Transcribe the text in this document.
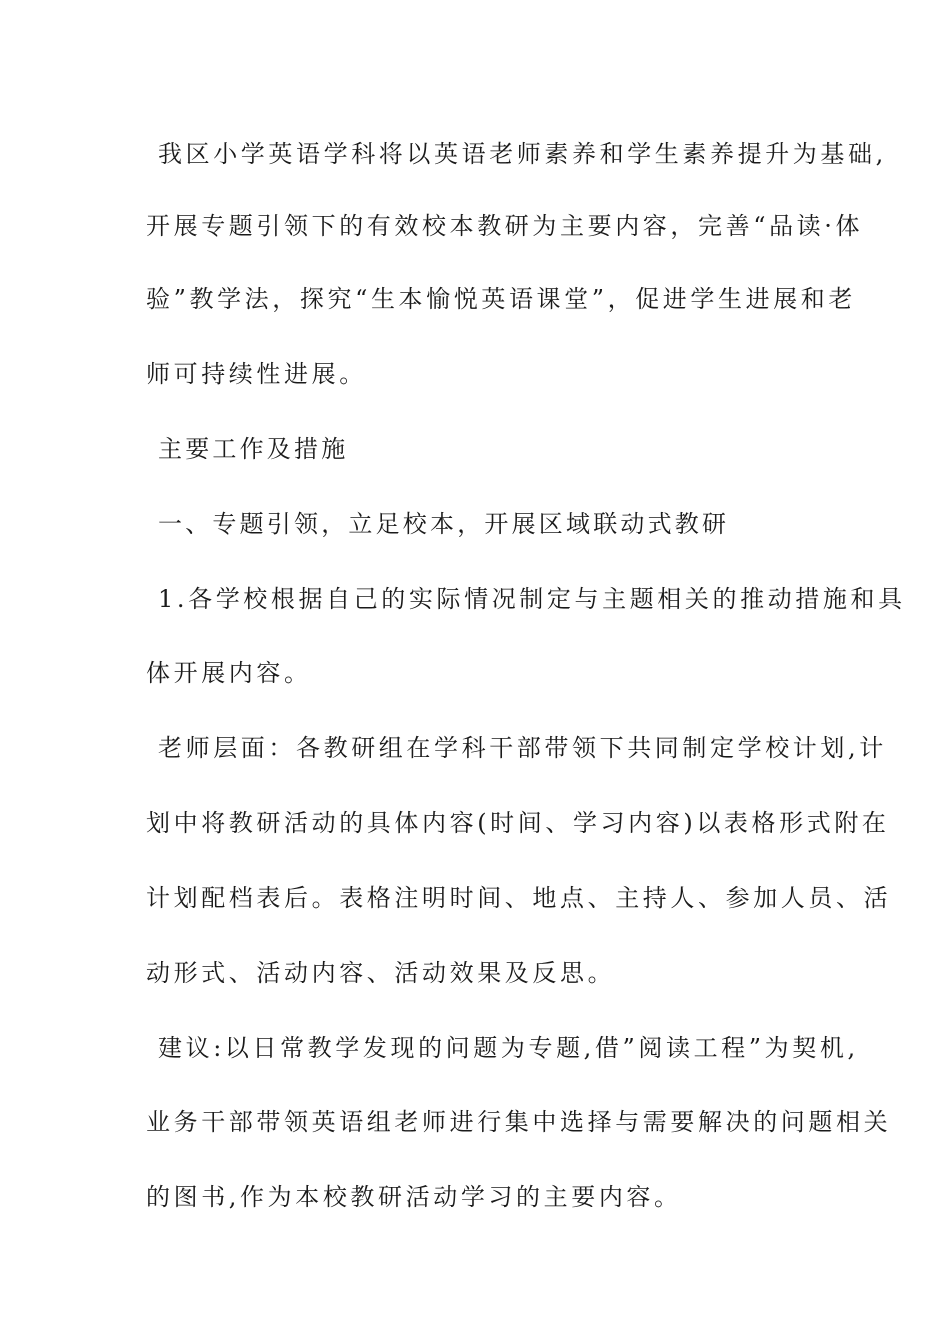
我区小学英语学科将以英语老师素养和学生素养提升为基础,
开展专题引领下的有效校本教研为主要内容，完善“品读·体
验”教学法，探究“生本愉悦英语课堂”，促进学生进展和老
师可持续性进展。
主要工作及措施
一、专题引领，立足校本，开展区域联动式教研
1.各学校根据自己的实际情况制定与主题相关的推动措施和具
体开展内容。
老师层面：各教研组在学科干部带领下共同制定学校计划,计
划中将教研活动的具体内容(时间、学习内容)以表格形式附在
计划配档表后。表格注明时间、地点、主持人、参加人员、活
动形式、活动内容、活动效果及反思。
建议:以日常教学发现的问题为专题,借”阅读工程”为契机,
业务干部带领英语组老师进行集中选择与需要解决的问题相关
的图书,作为本校教研活动学习的主要内容。
